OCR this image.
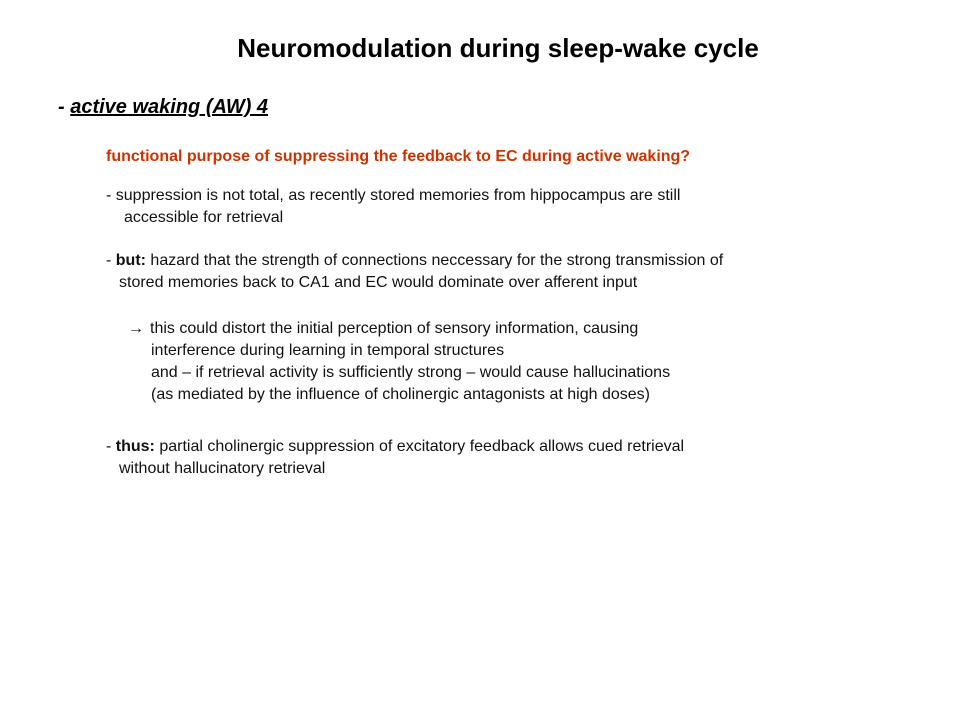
Neuromodulation during sleep-wake cycle
- active waking (AW) 4
functional purpose of suppressing the feedback to EC during active waking?
- suppression is not total, as recently stored memories from hippocampus are still
accessible for retrieval
- but: hazard that the strength of connections neccessary for the strong transmission of
stored memories back to CA1 and EC would dominate over afferent input
→ this could distort the initial perception of sensory information, causing
interference during learning in temporal structures
and – if retrieval activity is sufficiently strong – would cause hallucinations
(as mediated by the influence of cholinergic antagonists at high doses)
- thus: partial cholinergic suppression of excitatory feedback allows cued retrieval
without hallucinatory retrieval
